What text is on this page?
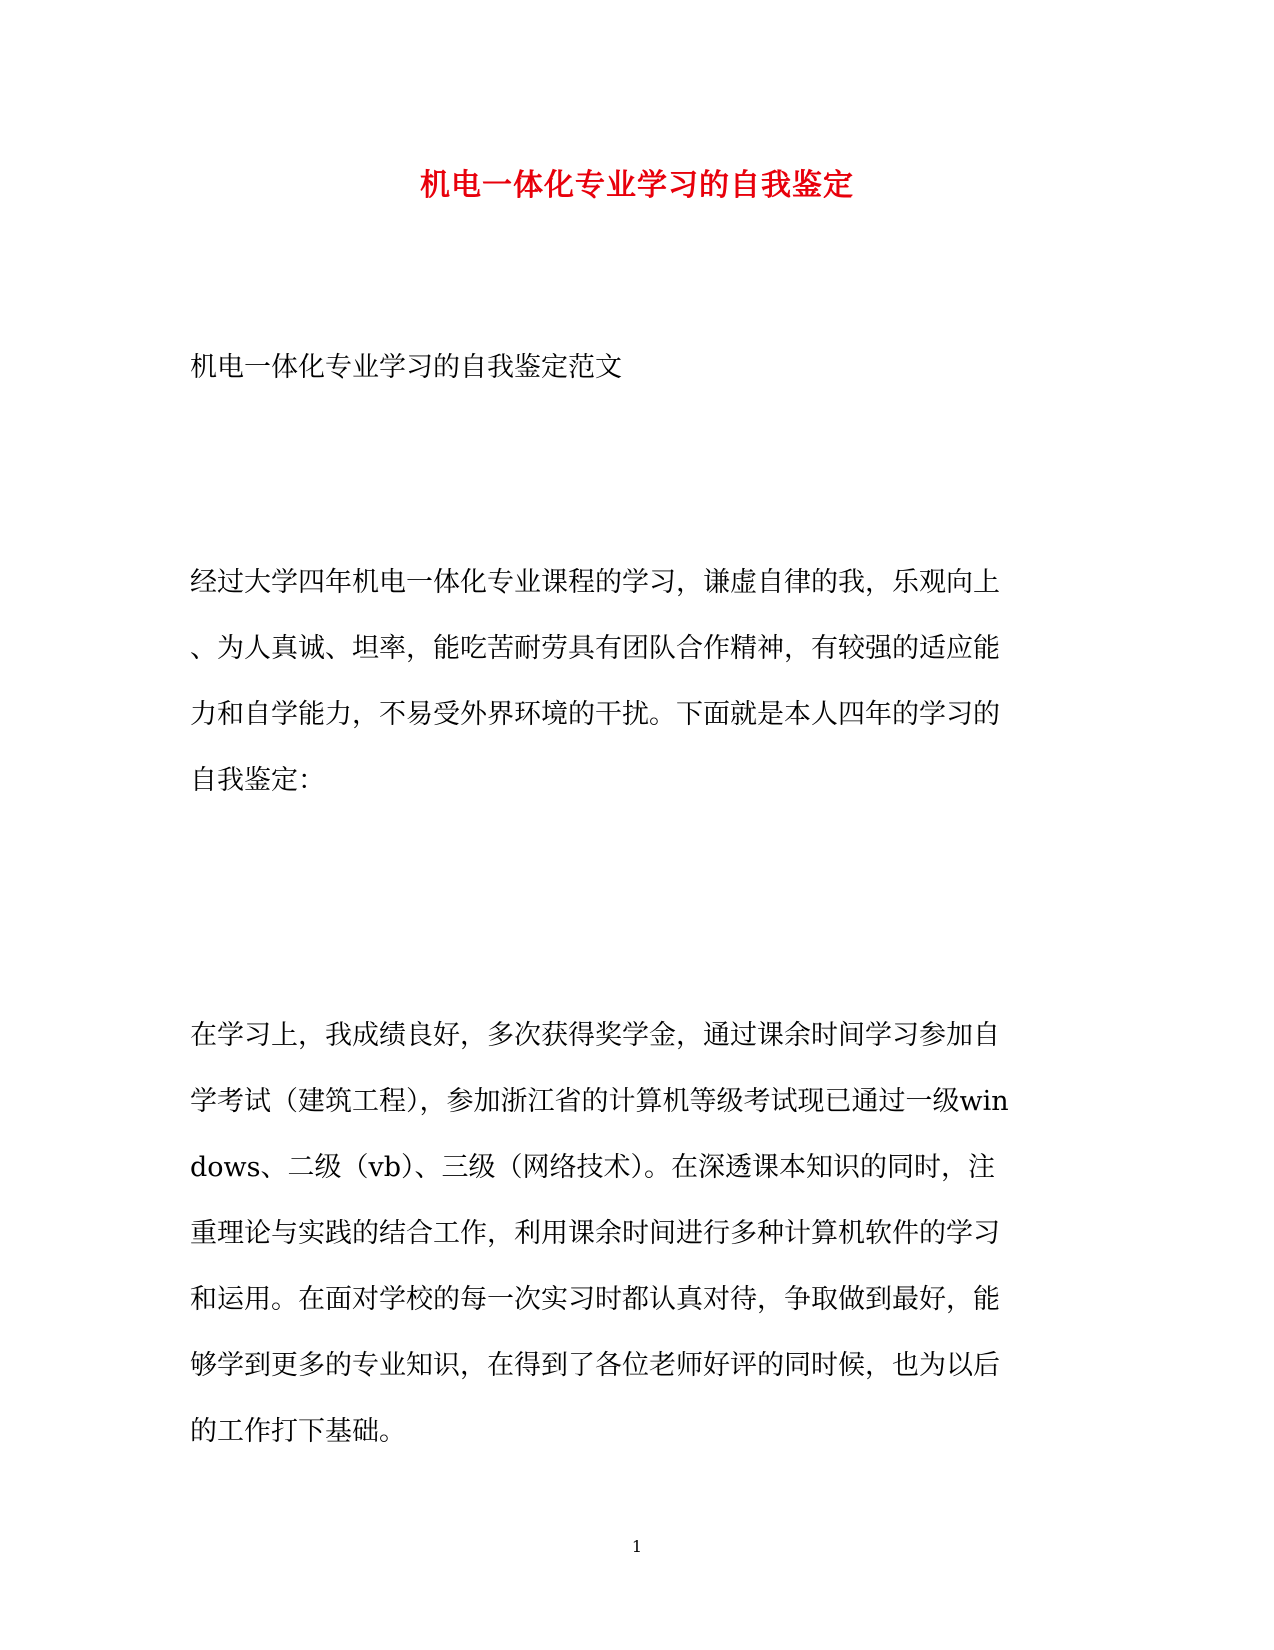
机电一体化专业学习的自我鉴定
机电一体化专业学习的自我鉴定范文
经过大学四年机电一体化专业课程的学习，谦虚自律的我，乐观向上
、为人真诚、坦率，能吃苦耐劳具有团队合作精神，有较强的适应能
力和自学能力，不易受外界环境的干扰。下面就是本人四年的学习的
自我鉴定：
在学习上，我成绩良好，多次获得奖学金，通过课余时间学习参加自
学考试（建筑工程），参加浙江省的计算机等级考试现已通过一级win
dows、二级（vb）、三级（网络技术）。在深透课本知识的同时，注
重理论与实践的结合工作，利用课余时间进行多种计算机软件的学习
和运用。在面对学校的每一次实习时都认真对待，争取做到最好，能
够学到更多的专业知识，在得到了各位老师好评的同时候，也为以后
的工作打下基础。
1
